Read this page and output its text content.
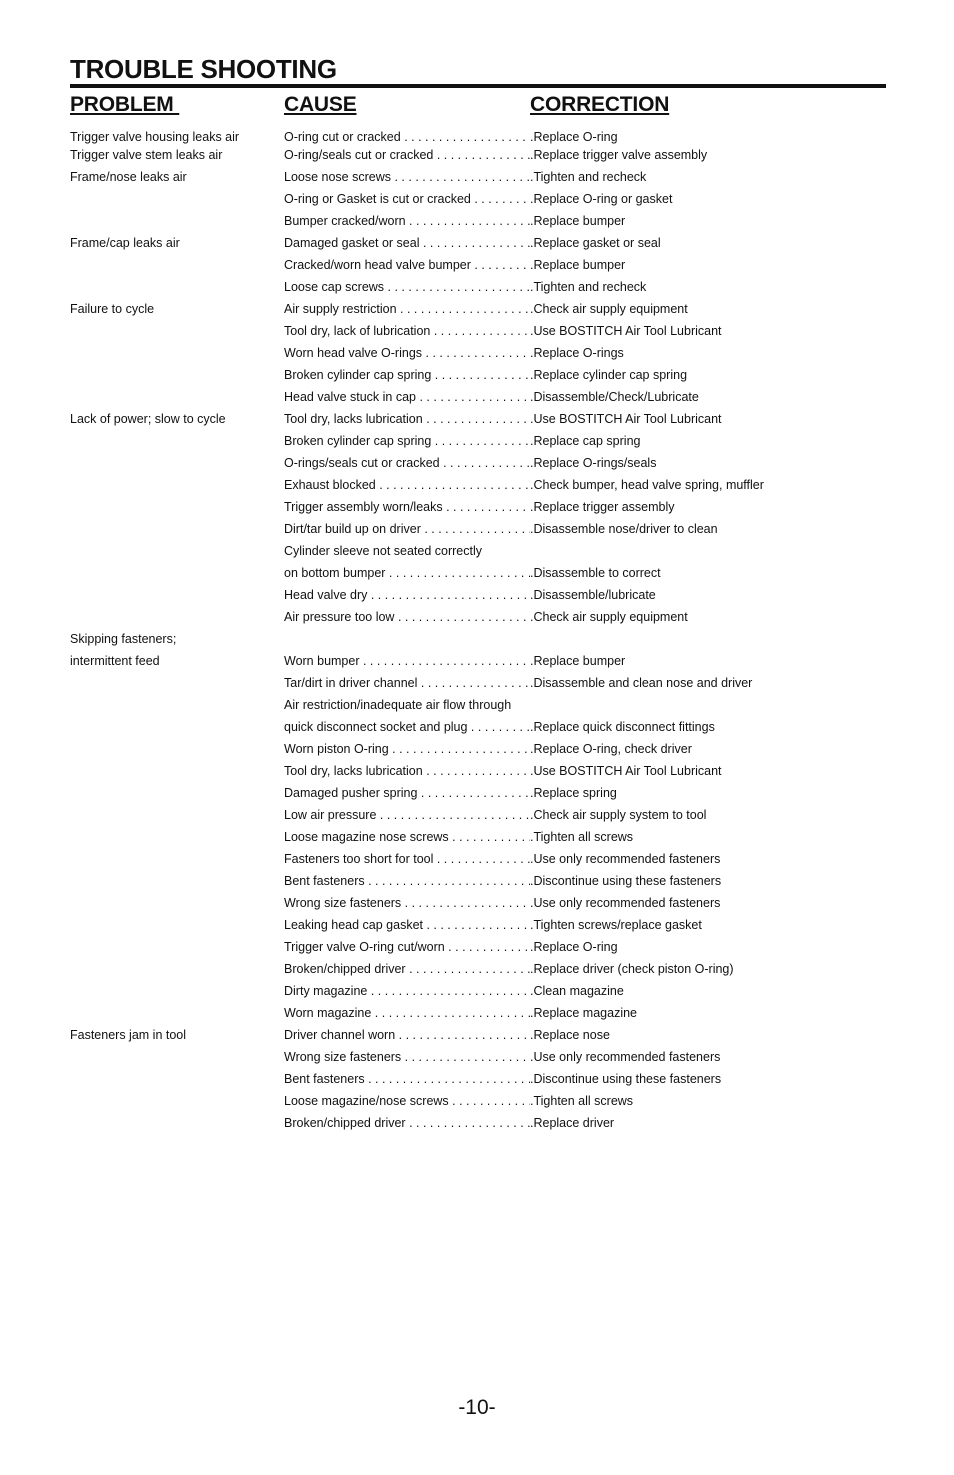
TROUBLE SHOOTING
PROBLEM	CAUSE	CORRECTION
Trigger valve housing leaks air	O-ring cut or cracked . . .	.Replace O-ring
Trigger valve stem leaks air	O-ring/seals cut or cracked . . .	.Replace trigger valve assembly
Frame/nose leaks air	Loose nose screws . . .	.Tighten and recheck
O-ring or Gasket is cut or cracked . . .	.Replace O-ring or gasket
Bumper cracked/worn . . .	.Replace bumper
Frame/cap leaks air	Damaged gasket or seal . . .	.Replace gasket or seal
Cracked/worn head valve bumper . . .	.Replace bumper
Loose cap screws . . .	.Tighten and recheck
Failure to cycle	Air supply restriction . . .	.Check air supply equipment
Tool dry, lack of lubrication . . .	.Use BOSTITCH Air Tool Lubricant
Worn head valve O-rings . . .	.Replace O-rings
Broken cylinder cap spring . . .	.Replace cylinder cap spring
Head valve stuck in cap . . .	.Disassemble/Check/Lubricate
Lack of power; slow to cycle	Tool dry, lacks lubrication . . .	.Use BOSTITCH Air Tool Lubricant
Broken cylinder cap spring . . .	.Replace cap spring
O-rings/seals cut or cracked . . .	.Replace O-rings/seals
Exhaust blocked . . .	.Check bumper, head valve spring, muffler
Trigger assembly worn/leaks . . .	.Replace trigger assembly
Dirt/tar build up on driver . . .	.Disassemble nose/driver to clean
Cylinder sleeve not seated correctly
on bottom bumper . . .	.Disassemble to correct
Head valve dry . . .	.Disassemble/lubricate
Air pressure too low . . .	.Check air supply equipment
Skipping fasteners;
intermittent feed	Worn bumper . . .	.Replace bumper
Tar/dirt in driver channel . . .	.Disassemble and clean nose and driver
Air restriction/inadequate air flow through
quick disconnect socket and plug . . .	.Replace quick disconnect fittings
Worn piston O-ring . . .	.Replace O-ring, check driver
Tool dry, lacks lubrication . . .	.Use BOSTITCH Air Tool Lubricant
Damaged pusher spring . . .	.Replace spring
Low air pressure . . .	.Check air supply system to tool
Loose magazine nose screws . . .	.Tighten all screws
Fasteners too short for tool . . .	.Use only recommended fasteners
Bent fasteners . . .	.Discontinue using these fasteners
Wrong size fasteners . . .	.Use only recommended fasteners
Leaking head cap gasket . . .	.Tighten screws/replace gasket
Trigger valve O-ring cut/worn . . .	.Replace O-ring
Broken/chipped driver . . .	.Replace driver (check piston O-ring)
Dirty magazine . . .	.Clean magazine
Worn magazine . . .	.Replace magazine
Fasteners jam in tool	Driver channel worn . . .	.Replace nose
Wrong size fasteners . . .	.Use only recommended fasteners
Bent fasteners . . .	.Discontinue using these fasteners
Loose magazine/nose screws . . .	.Tighten all screws
Broken/chipped driver . . .	.Replace driver
-10-
